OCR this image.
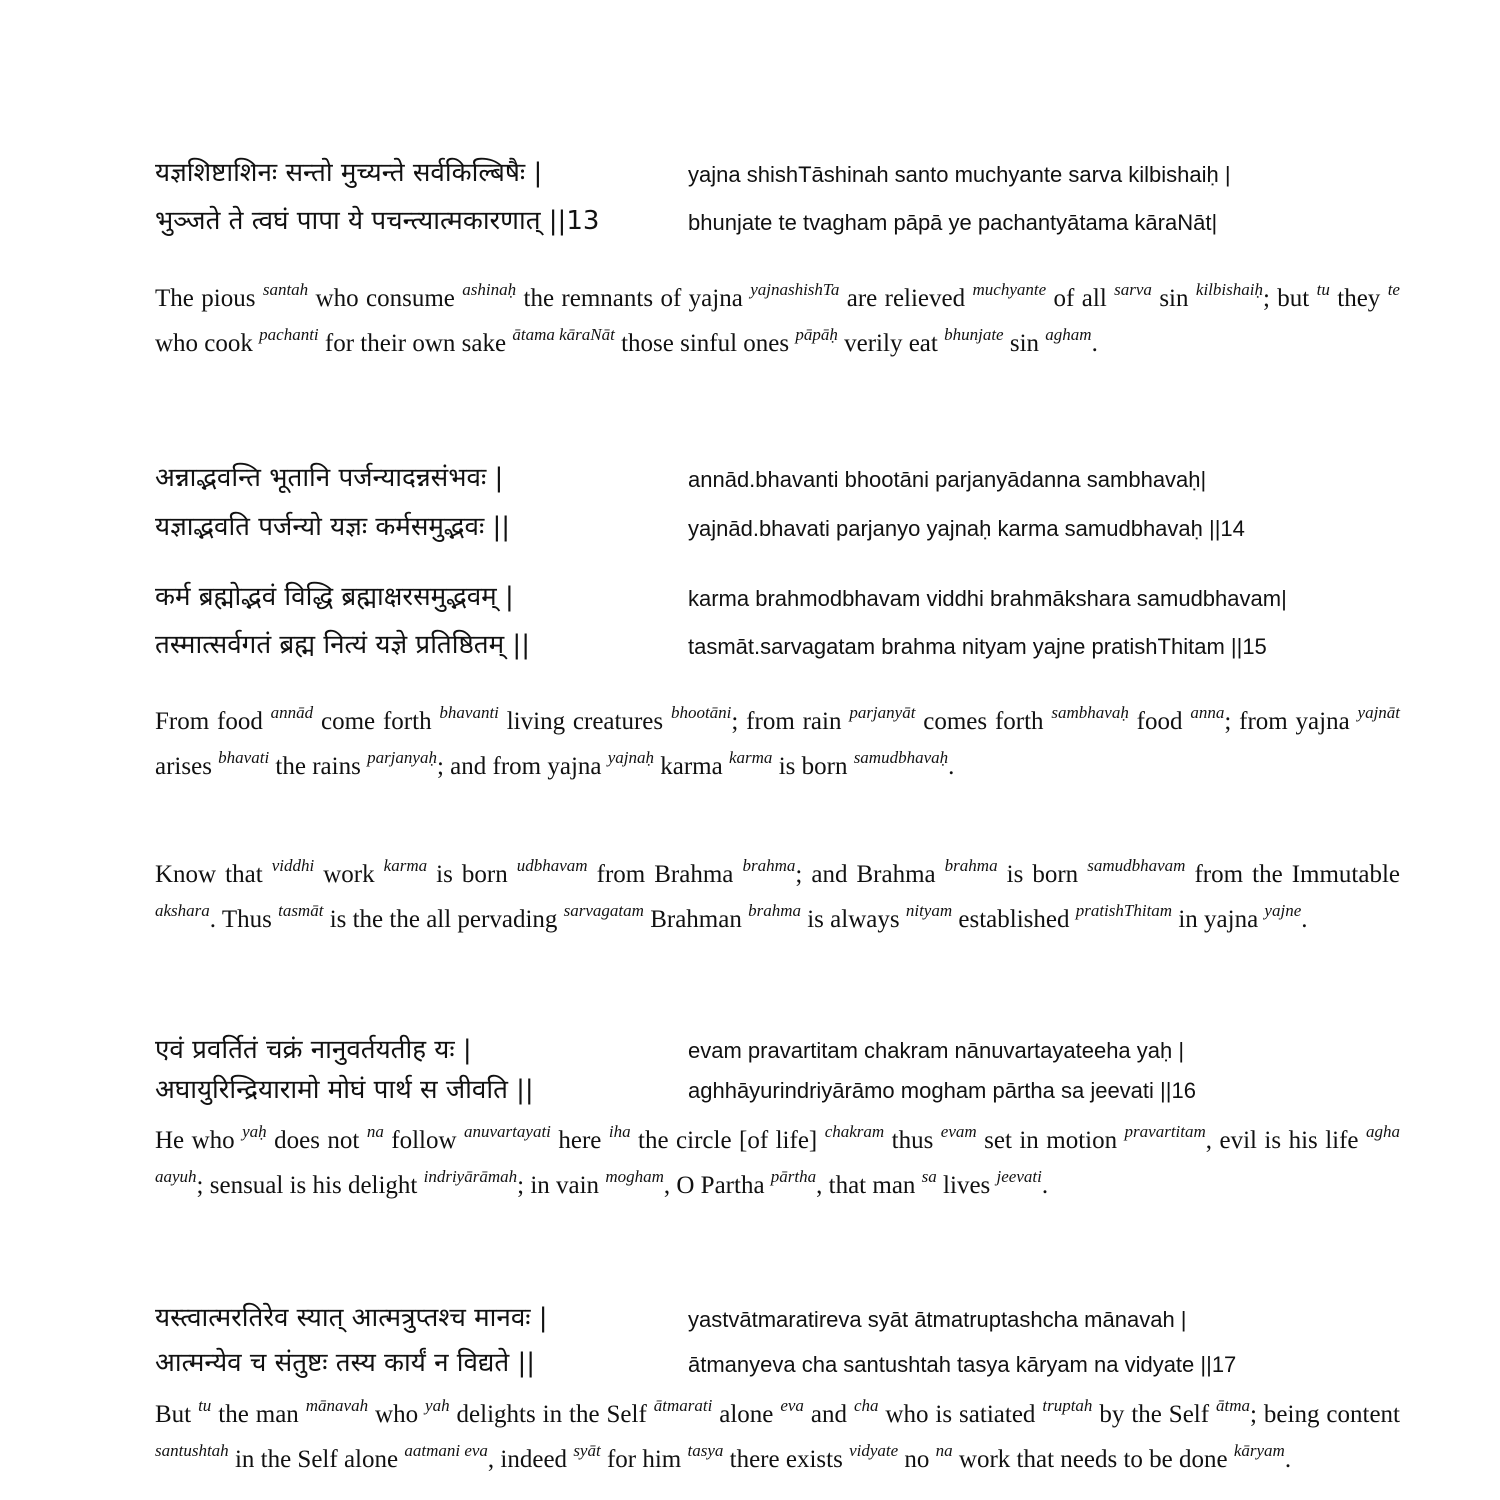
यज्ञशिष्टाशिनः सन्तो मुच्यन्ते सर्वकिल्बिषैः |
भुञ्जते ते त्वघं पापा ये पचन्त्यात्मकारणात् ||13
yajna shishTāshinah santo muchyante sarva kilbishaiḥ |
bhunjate te tvagham pāpā ye pachantyātama kāraNāt|
The pious $^{santah}$ who consume $^{ashinaḥ}$ the remnants of yajna $^{yajnashishTa}$ are relieved $^{muchyante}$ of all $^{sarva}$ sin $^{kilbishaiḥ}$; but $^{tu}$ they $^{te}$ who cook $^{pachanti}$ for their own sake $^{ātama kāraNāt}$ those sinful ones $^{pāpāḥ}$ verily eat $^{bhunjate}$ sin $^{agham}$.
अन्नाद्भवन्ति भूतानि पर्जन्यादन्नसंभवः |
यज्ञाद्भवति पर्जन्यो यज्ञः कर्मसमुद्भवः ||
annād.bhavanti bhootāni parjanyādanna sambhavaḥ|
yajnād.bhavati parjanyo yajnaḥ karma samudbhavaḥ ||14
कर्म ब्रह्मोद्भवं विद्धि ब्रह्माक्षरसमुद्भवम् |
तस्मात्सर्वगतं ब्रह्म नित्यं यज्ञे प्रतिष्ठितम् ||
karma brahmodbhavam viddhi brahmākshara samudbhavam|
tasmāt.sarvagatam brahma nityam yajne pratishThitam ||15
From food $^{annād}$ come forth $^{bhavanti}$ living creatures $^{bhootāni}$; from rain $^{parjanyāt}$ comes forth $^{sambhavaḥ}$ food $^{anna}$; from yajna $^{yajnāt}$ arises $^{bhavati}$ the rains $^{parjanyaḥ}$; and from yajna $^{yajnaḥ}$ karma $^{karma}$ is born $^{samudbhavaḥ}$.
Know that $^{viddhi}$ work $^{karma}$ is born $^{udbhavam}$ from Brahma $^{brahma}$; and Brahma $^{brahma}$ is born $^{samudbhavam}$ from the Immutable $^{akshara}$. Thus $^{tasmāt}$ is the the all pervading $^{sarvagatam}$ Brahman $^{brahma}$ is always $^{nityam}$ established $^{pratishThitam}$ in yajna $^{yajne}$.
एवं प्रवर्तितं चक्रं नानुवर्तयतीह यः |
अघायुरिन्द्रियारामो मोघं पार्थ स जीवति ||
evam pravartitam chakram nānuvartayateeha yaḥ |
aghhāyurindriyārāmo mogham pārtha sa jeevati ||16
He who $^{yaḥ}$ does not $^{na}$ follow $^{anuvartayati}$ here $^{iha}$ the circle [of life] $^{chakram}$ thus $^{evam}$ set in motion $^{pravartitam}$, evil is his life $^{agha aayuh}$; sensual is his delight $^{indriyārāmah}$; in vain $^{mogham}$, O Partha $^{pārtha}$, that man $^{sa}$ lives $^{jeevati}$.
यस्त्वात्मरतिरेव स्यात् आत्मत्रुप्तश्च मानवः |
आत्मन्येव च संतुष्टः तस्य कार्यं न विद्यते ||
yastvātmaratireva syāt ātmatruptashcha mānavah |
ātmanyeva cha santushtah tasya kāryam na vidyate ||17
But $^{tu}$ the man $^{mānavah}$ who $^{yah}$ delights in the Self $^{ātmarati}$ alone $^{eva}$ and $^{cha}$ who is satiated $^{truptah}$ by the Self $^{ātma}$; being content $^{santushtah}$ in the Self alone $^{aatmani eva}$, indeed $^{syāt}$ for him $^{tasya}$ there exists $^{vidyate}$ no $^{na}$ work that needs to be done $^{kāryam}$.
